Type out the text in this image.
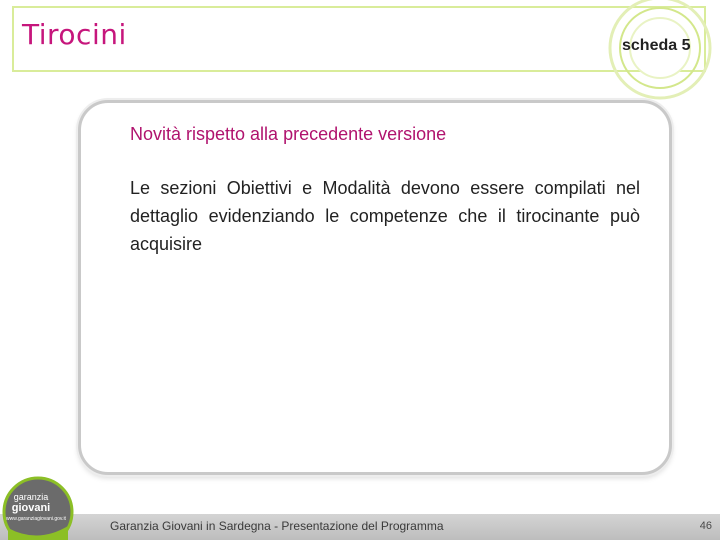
Tirocini	scheda 5
Novità rispetto alla precedente versione
Le sezioni Obiettivi e Modalità devono essere compilati nel dettaglio evidenziando le competenze che il tirocinante può acquisire
Garanzia Giovani in Sardegna - Presentazione del Programma	46
garanzia
giovani
www.garanziagiovani.gov.it
